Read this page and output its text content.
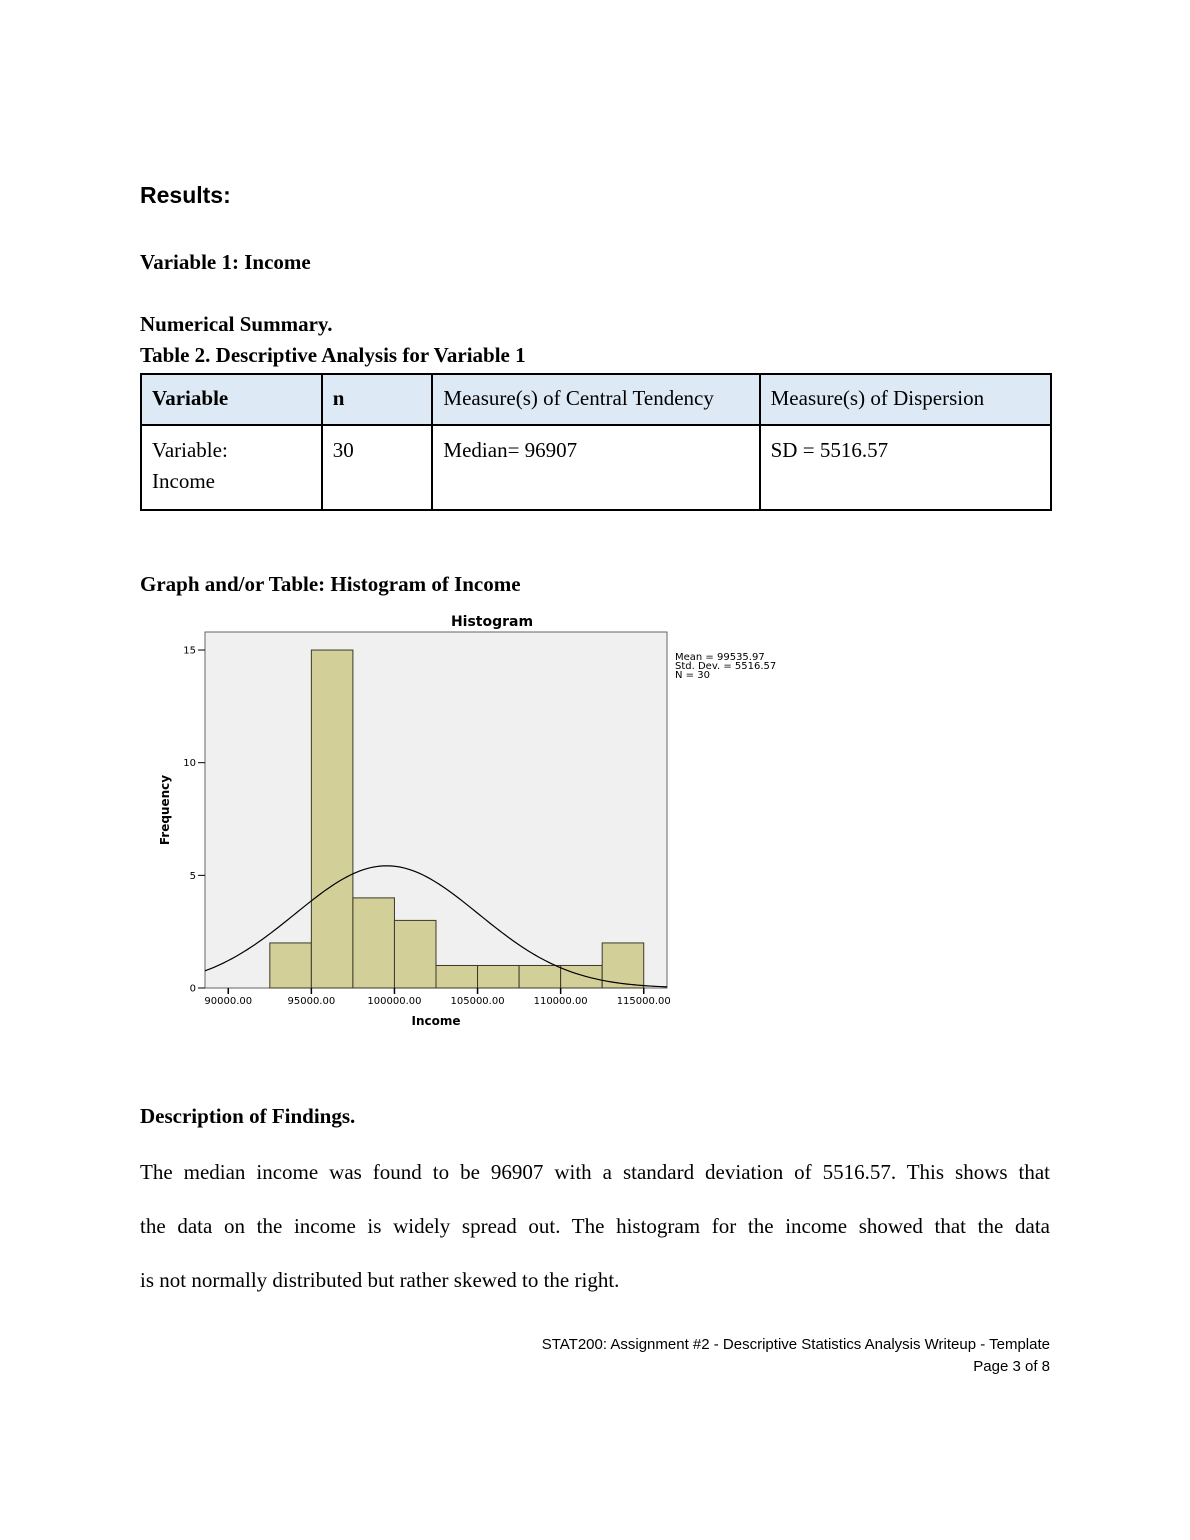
Results:
Variable 1: Income
Numerical Summary.
Table 2. Descriptive Analysis for Variable 1
Variable	n	Measure(s) of Central Tendency	Measure(s) of Dispersion

Variable:
Income	30	Median= 96907	SD = 5516.57
Graph and/or Table: Histogram of Income
0
5
10
15
90000.00	95000.00	100000.00	105000.00	110000.00	115000.00
Histogram
Income
Frequency
Mean = 99535.97
Std. Dev. = 5516.57
N = 30
Description of Findings.
The median income was found to be 96907 with a standard deviation of 5516.57. This shows that
the data on the income is widely spread out. The histogram for the income showed that the data
is not normally distributed but rather skewed to the right.
STAT200: Assignment #2 - Descriptive Statistics Analysis Writeup - Template
Page 3 of 8
